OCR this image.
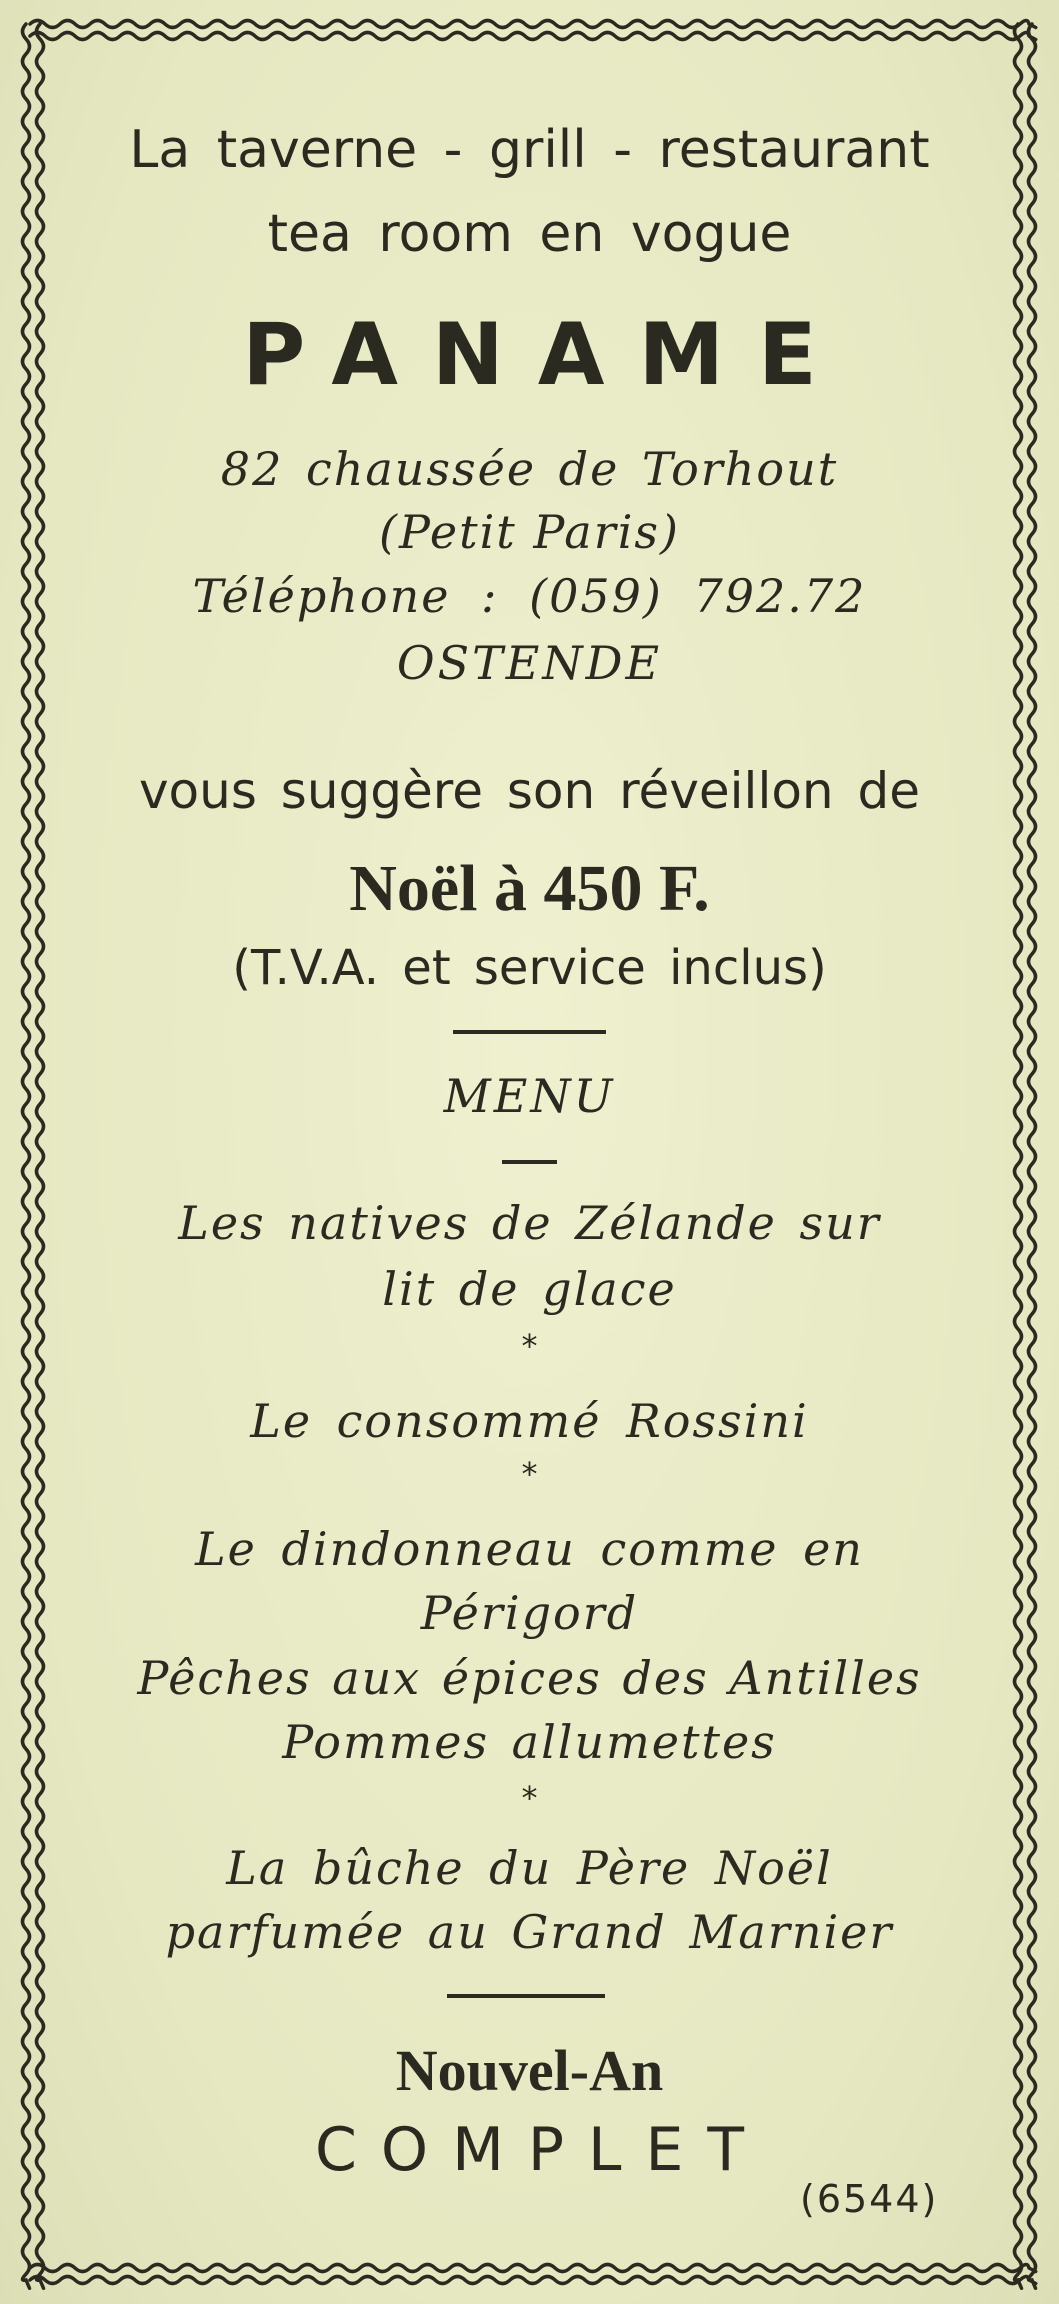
La taverne - grill - restaurant
tea room en vogue
PANAME
82 chaussée de Torhout
(Petit Paris)
Téléphone : (059) 792.72
OSTENDE
vous suggère son réveillon de
Noël à 450 F.
(T.V.A. et service inclus)
MENU
Les natives de Zélande sur
lit de glace
*
Le consommé Rossini
*
Le dindonneau comme en
Périgord
Pêches aux épices des Antilles
Pommes allumettes
*
La bûche du Père Noël
parfumée au Grand Marnier
Nouvel-An
COMPLET
(6544)
